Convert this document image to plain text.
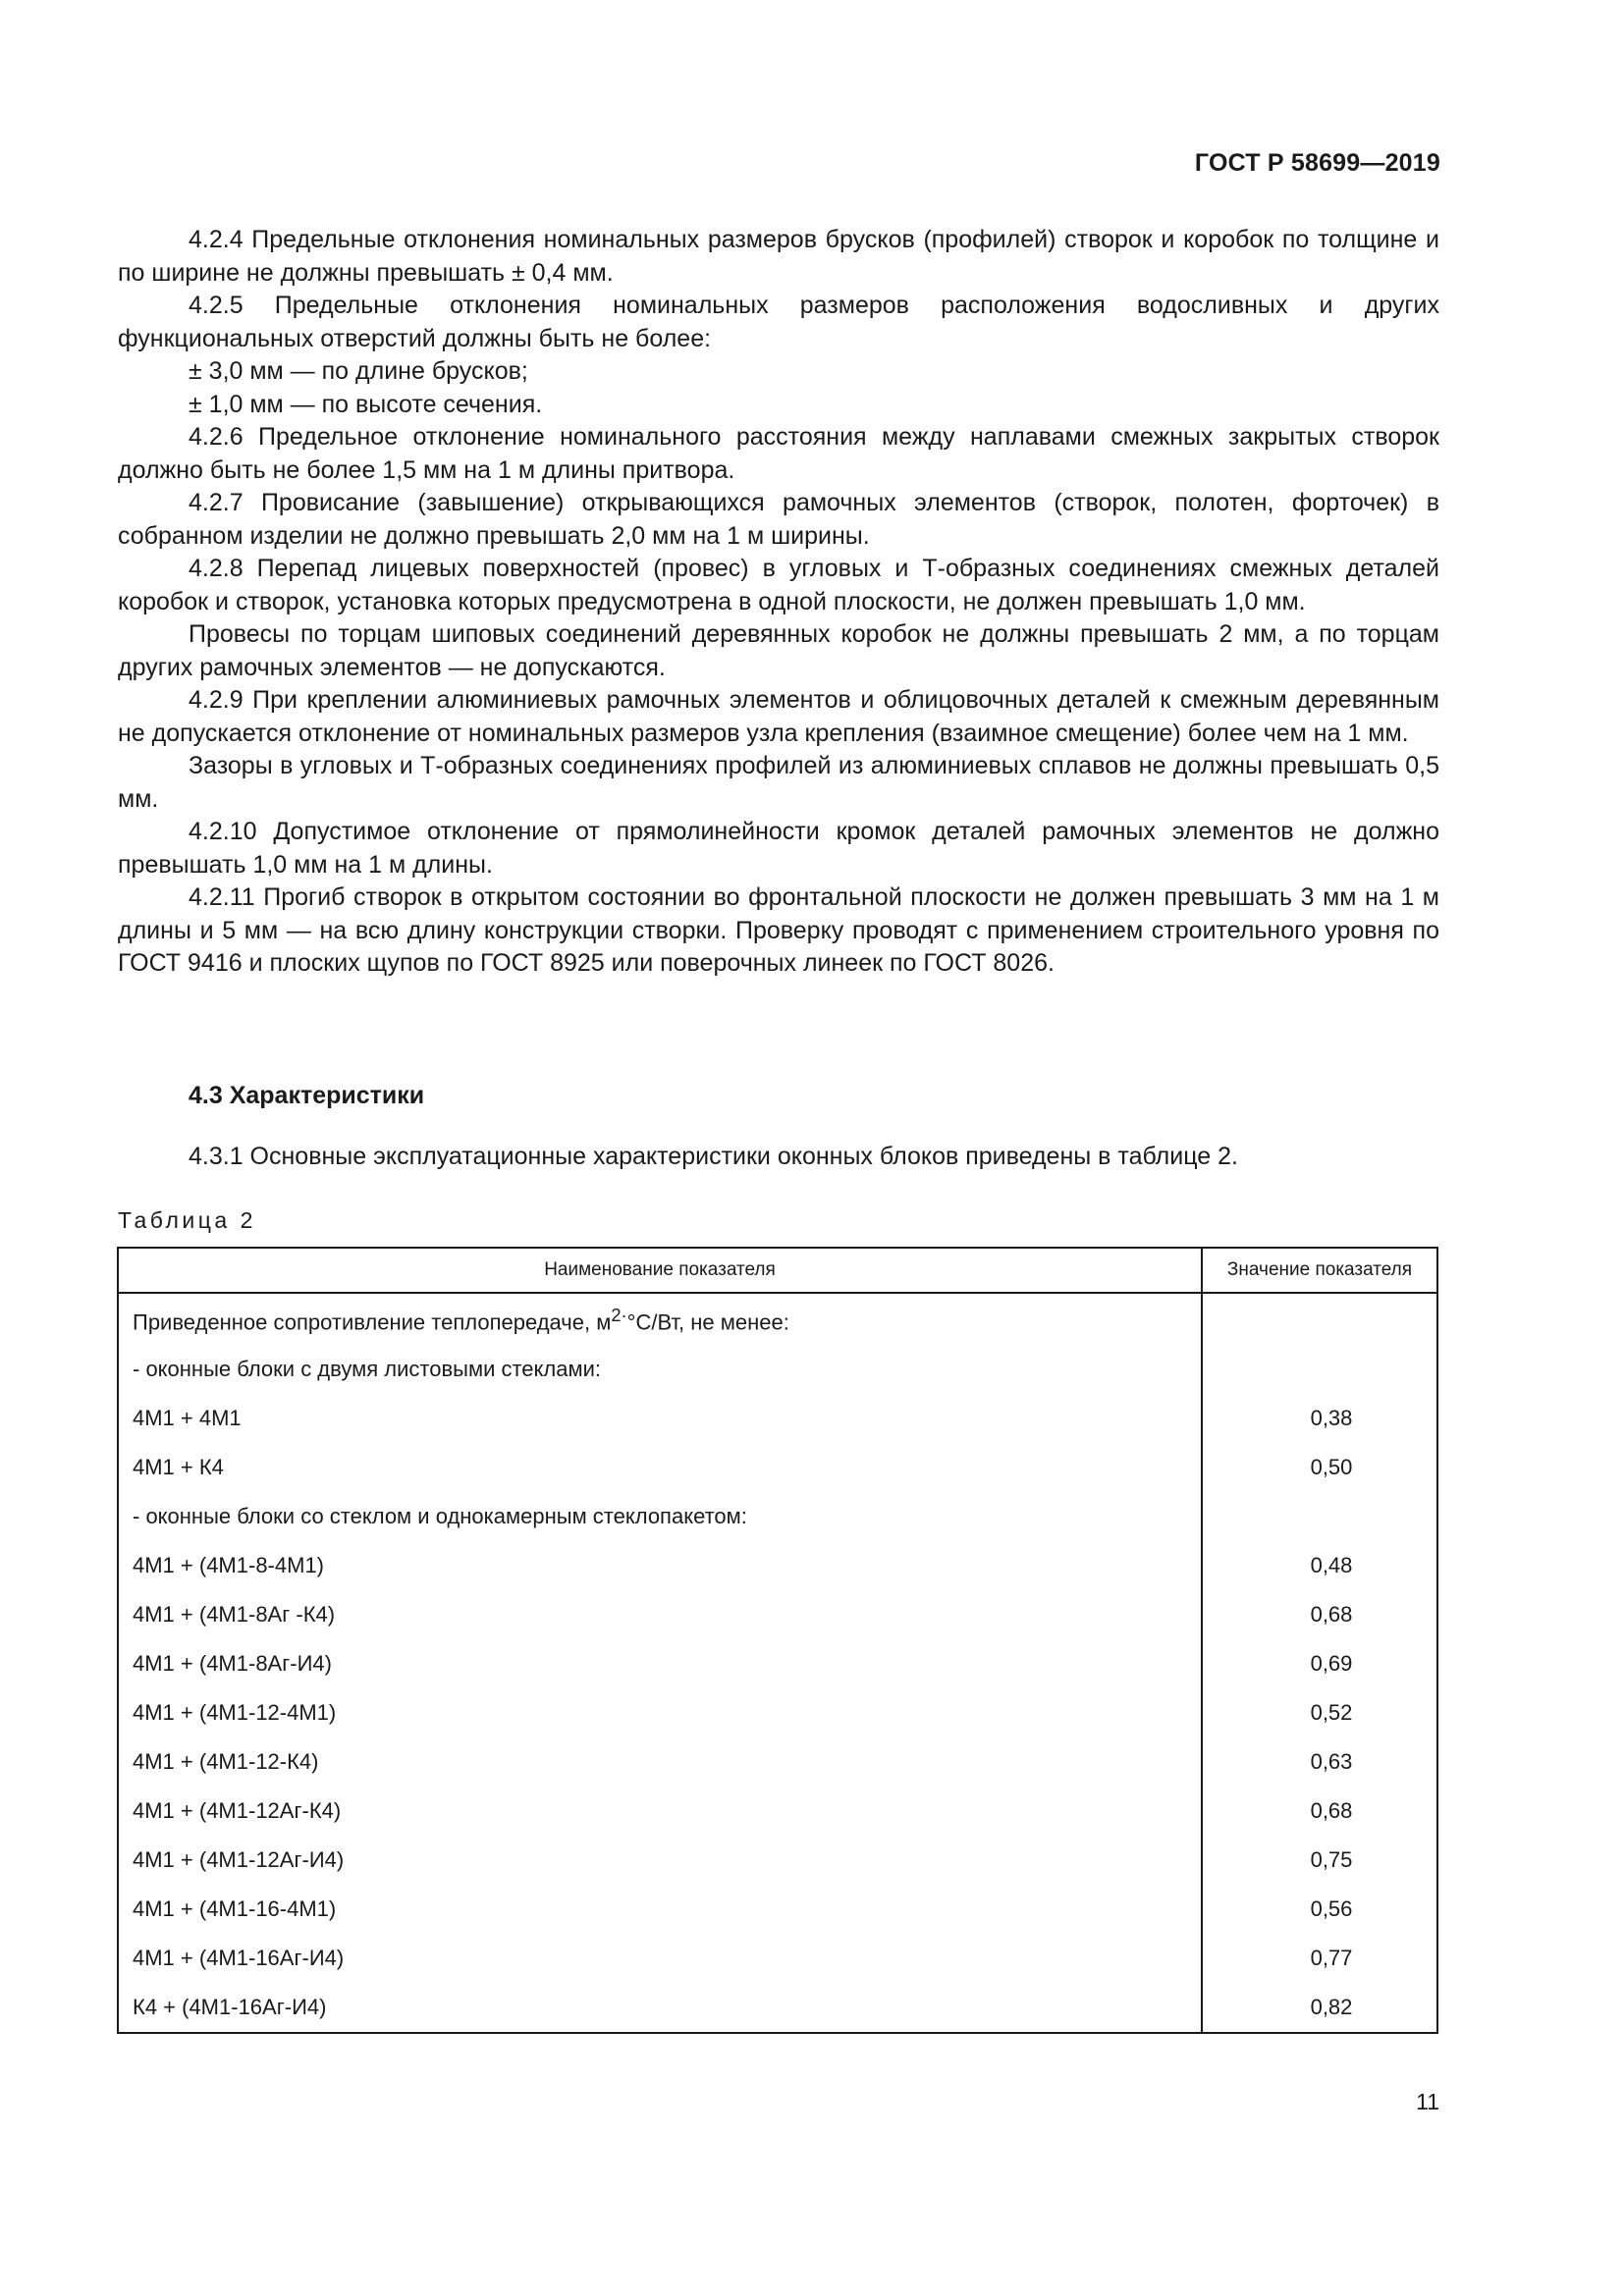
ГОСТ Р 58699—2019

4.2.4 Предельные отклонения номинальных размеров брусков (профилей) створок и коробок по толщине и по ширине не должны превышать ± 0,4 мм.

4.2.5 Предельные отклонения номинальных размеров расположения водосливных и других функциональных отверстий должны быть не более:

± 3,0 мм — по длине брусков;

± 1,0 мм — по высоте сечения.

4.2.6 Предельное отклонение номинального расстояния между наплавами смежных закрытых створок должно быть не более 1,5 мм на 1 м длины притвора.

4.2.7 Провисание (завышение) открывающихся рамочных элементов (створок, полотен, форточек) в собранном изделии не должно превышать 2,0 мм на 1 м ширины.

4.2.8 Перепад лицевых поверхностей (провес) в угловых и Т-образных соединениях смежных деталей коробок и створок, установка которых предусмотрена в одной плоскости, не должен превышать 1,0 мм.

Провесы по торцам шиповых соединений деревянных коробок не должны превышать 2 мм, а по торцам других рамочных элементов — не допускаются.

4.2.9 При креплении алюминиевых рамочных элементов и облицовочных деталей к смежным деревянным не допускается отклонение от номинальных размеров узла крепления (взаимное смещение) более чем на 1 мм.

Зазоры в угловых и Т-образных соединениях профилей из алюминиевых сплавов не должны превышать 0,5 мм.

4.2.10 Допустимое отклонение от прямолинейности кромок деталей рамочных элементов не должно превышать 1,0 мм на 1 м длины.

4.2.11 Прогиб створок в открытом состоянии во фронтальной плоскости не должен превышать 3 мм на 1 м длины и 5 мм — на всю длину конструкции створки. Проверку проводят с применением строительного уровня по ГОСТ 9416 и плоских щупов по ГОСТ 8925 или поверочных линеек по ГОСТ 8026.

4.3 Характеристики
4.3.1 Основные эксплуатационные характеристики оконных блоков приведены в таблице 2.
Таблица 2
Наименование показателя	Значение показателя
Приведенное сопротивление теплопередаче, $м^{2\cdot}^\circ С/Вт$, не менее:	
- оконные блоки с двумя листовыми стеклами:	
4М1 + 4М1	0,38
4М1 + К4	0,50
- оконные блоки со стеклом и однокамерным стеклопакетом:	
4М1 + (4М1-8-4М1)	0,48
4М1 + (4М1-8Аг -К4)	0,68
4М1 + (4М1-8Аг-И4)	0,69
4М1 + (4М1-12-4М1)	0,52
4М1 + (4М1-12-К4)	0,63
4М1 + (4М1-12Аг-К4)	0,68
4М1 + (4М1-12Аг-И4)	0,75
4М1 + (4М1-16-4М1)	0,56
4М1 + (4М1-16Аг-И4)	0,77
К4 + (4М1-16Аг-И4)	0,82
11
